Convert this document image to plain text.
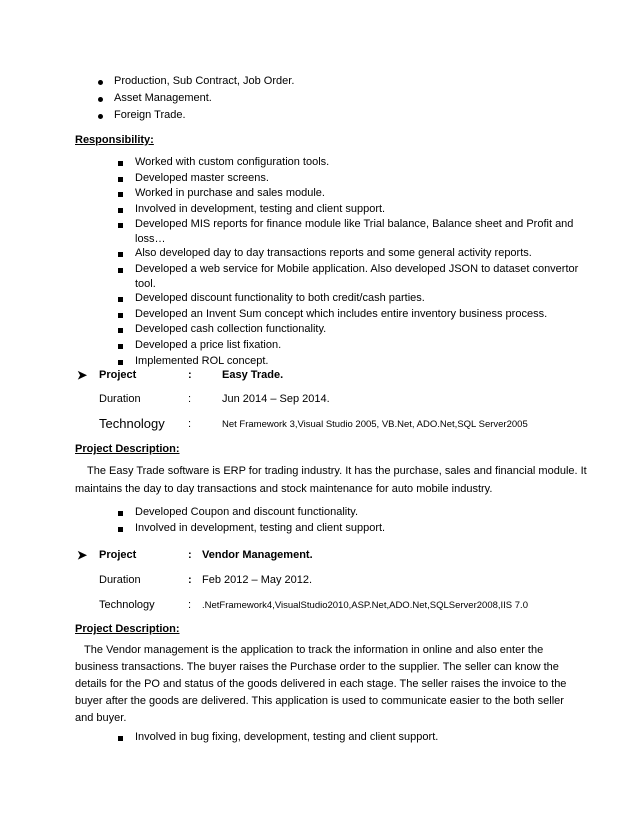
Production, Sub Contract, Job Order.
Asset Management.
Foreign Trade.
Responsibility:
Worked with custom configuration tools.
Developed master screens.
Worked in purchase and sales module.
Involved in development, testing and client support.
Developed MIS reports for finance module like Trial balance, Balance sheet and Profit and
loss…
Also developed day to day transactions reports and some general activity reports.
Developed a web service for Mobile application. Also developed JSON to dataset convertor
tool.
Developed discount functionality to both credit/cash parties.
Developed an Invent Sum concept which includes entire inventory business process.
Developed cash collection functionality.
Developed a price list fixation.
Implemented ROL concept.
➤ Project	:	Easy Trade.
Duration	:	Jun 2014 – Sep 2014.
Technology :	Net Framework 3,Visual Studio 2005, VB.Net, ADO.Net,SQL Server2005
Project Description:
The Easy Trade software is ERP for trading industry. It has the purchase, sales and financial module. It
maintains the day to day transactions and stock maintenance for auto mobile industry.
Developed Coupon and discount functionality.
Involved in development, testing and client support.
➤ Project	: Vendor Management.
Duration	: Feb 2012 – May 2012.
Technology	: .NetFramework4,VisualStudio2010,ASP.Net,ADO.Net,SQLServer2008,IIS 7.0
Project Description:
The Vendor management is the application to track the information in online and also enter the
business transactions. The buyer raises the Purchase order to the supplier. The seller can know the
details for the PO and status of the goods delivered in each stage. The seller raises the invoice to the
buyer after the goods are delivered. This application is used to communicate easier to the both seller
and buyer.
Involved in bug fixing, development, testing and client support.
